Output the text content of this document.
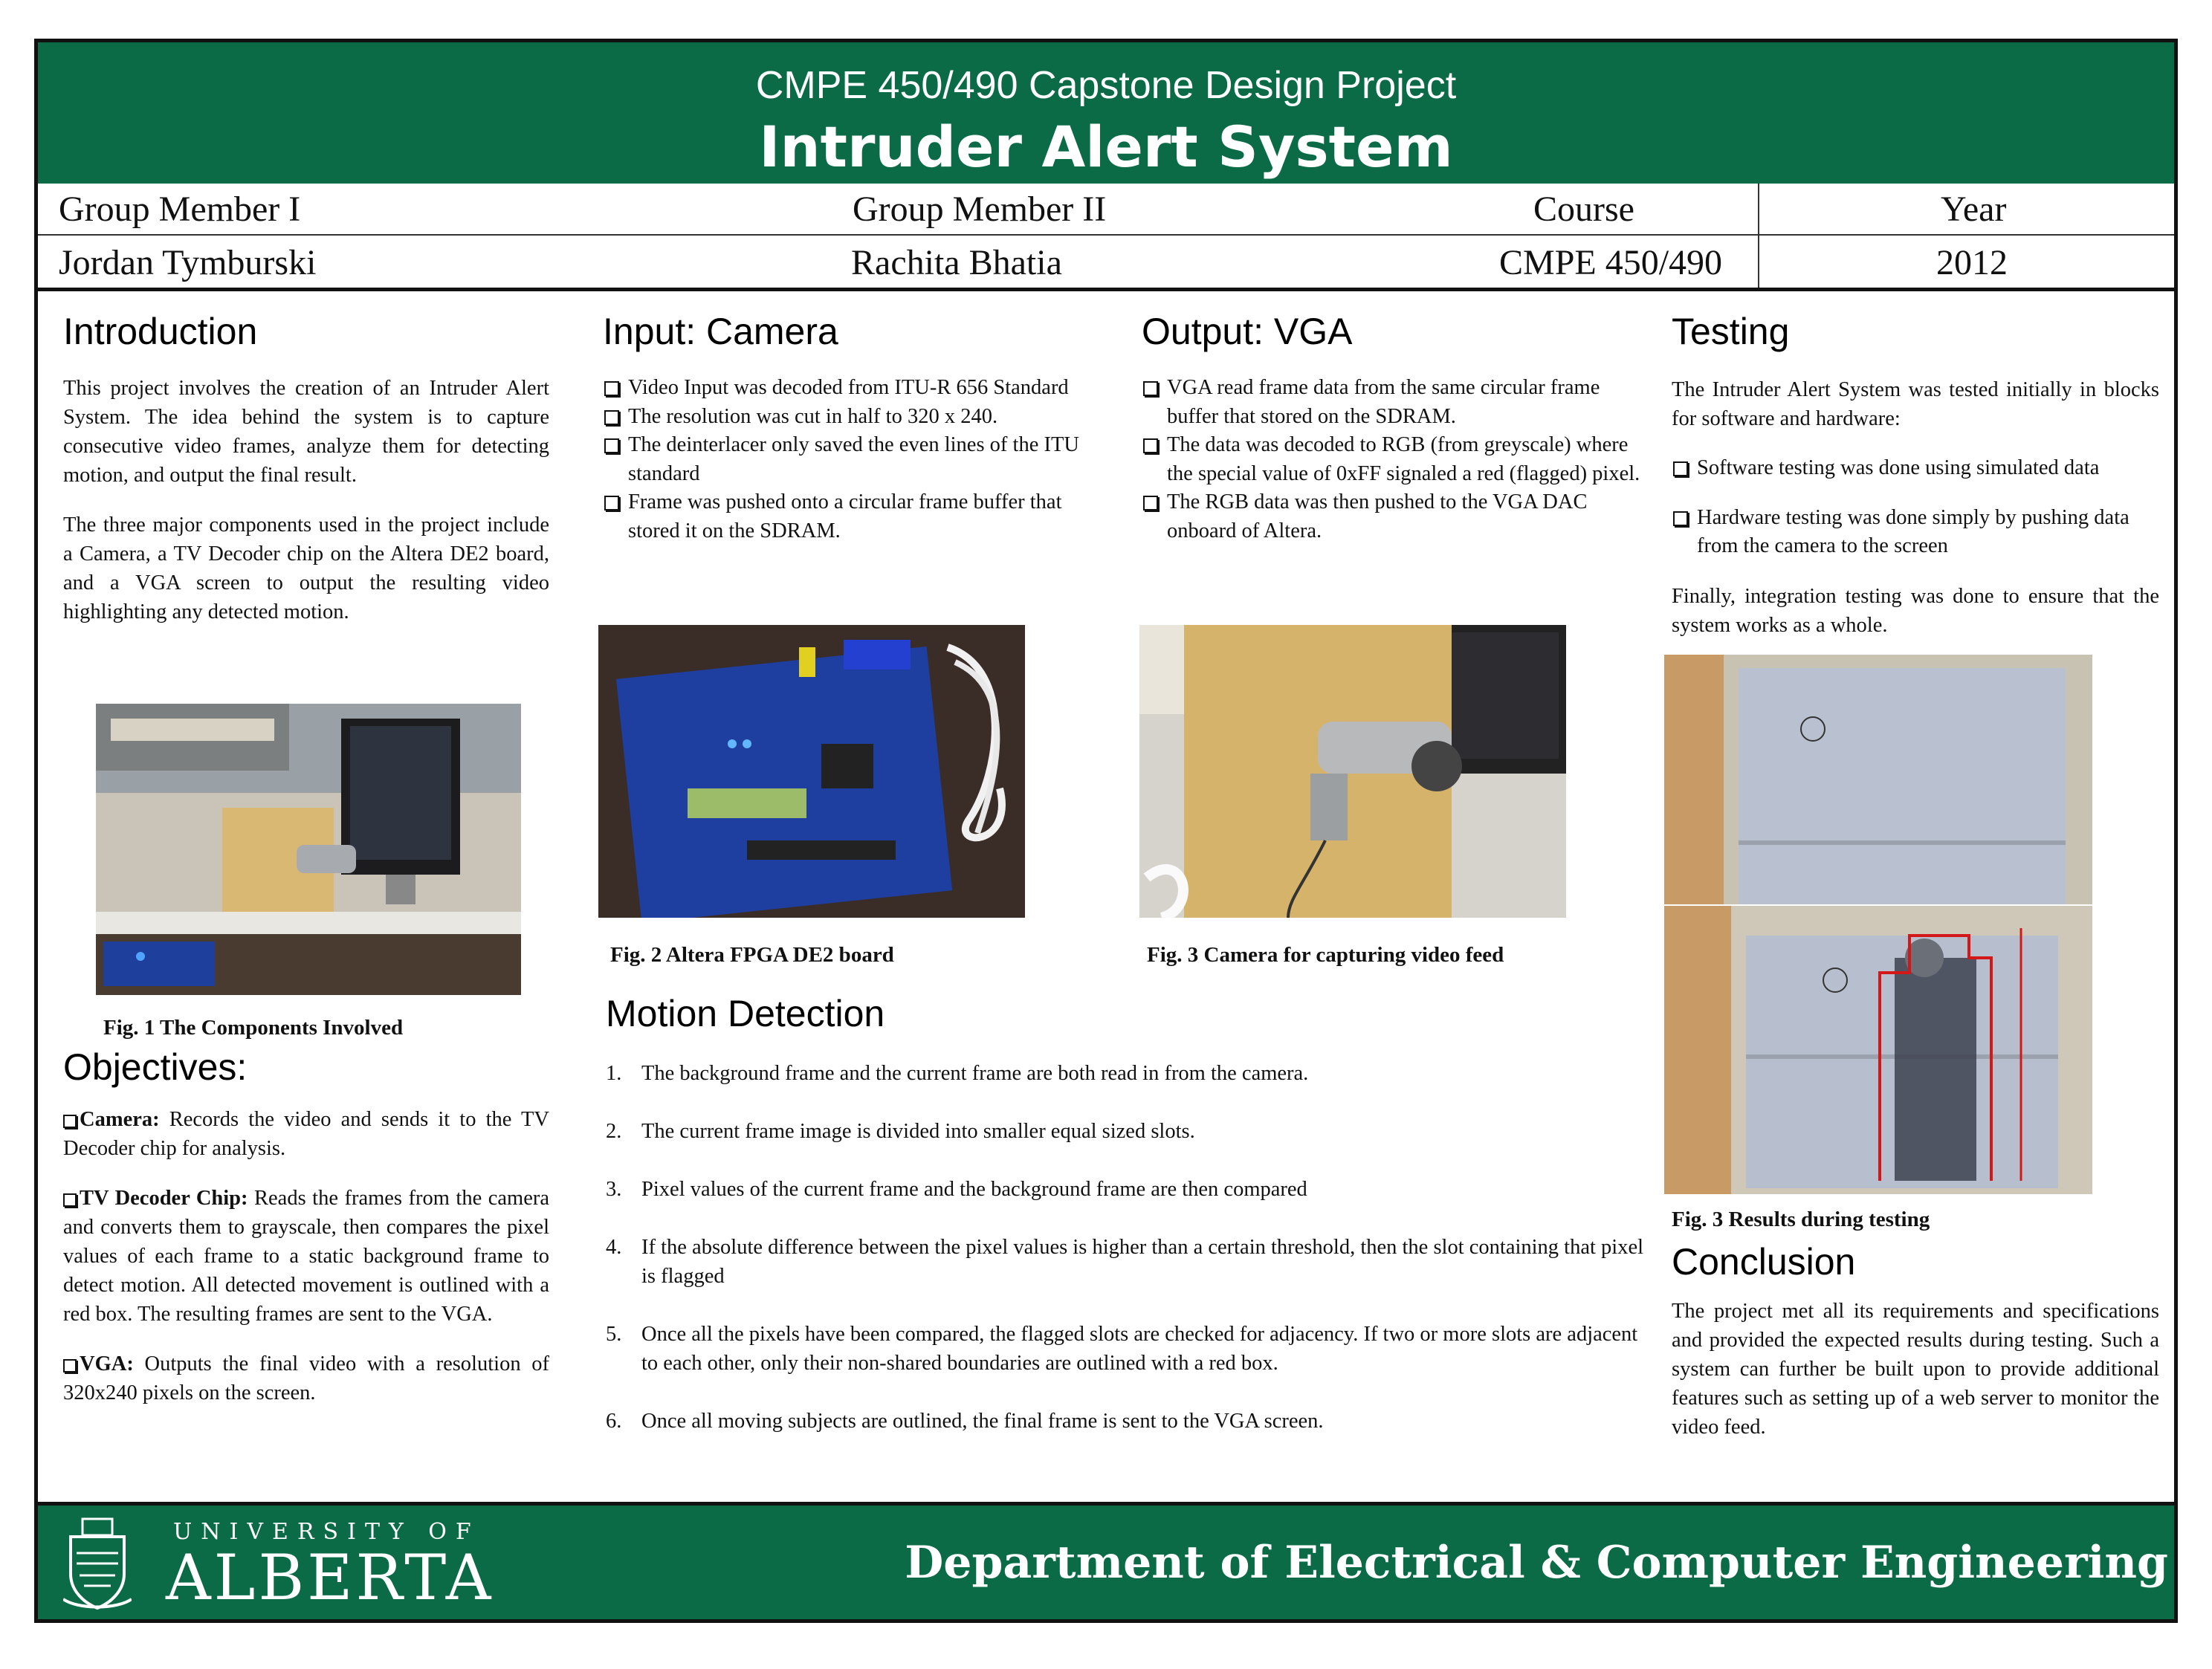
CMPE 450/490 Capstone Design Project
Intruder Alert System
Group Member I	Group Member II	Course	Year
Jordan Tymburski	Rachita Bhatia	CMPE 450/490	2012
Introduction

This project involves the creation of an Intruder Alert System. The idea behind the system is to capture consecutive video frames, analyze them for detecting motion, and output the final result.

The three major components used in the project include a Camera, a TV Decoder chip on the Altera DE2 board, and a VGA screen to output the resulting video highlighting any detected motion.

Fig. 1 The Components Involved
Objectives:

Camera: Records the video and sends it to the TV Decoder chip for analysis.

TV Decoder Chip: Reads the frames from the camera and converts them to grayscale, then compares the pixel values of each frame to a static background frame to detect motion. All detected movement is outlined with a red box. The resulting frames are sent to the VGA.

VGA: Outputs the final video with a resolution of 320x240 pixels on the screen.

Input: Camera
Video Input was decoded from ITU-R 656 Standard
The resolution was cut in half to 320 x 240.
The deinterlacer only saved the even lines of the ITU standard
Frame was pushed onto a circular frame buffer that stored it on the SDRAM.
Fig. 2 Altera FPGA DE2 board
Output: VGA
VGA read frame data from the same circular frame buffer that stored on the SDRAM.
The data was decoded to RGB (from greyscale) where the special value of 0xFF signaled a red (flagged) pixel.
The RGB data was then pushed to the VGA DAC onboard of Altera.
Fig. 3 Camera for capturing video feed
Motion Detection
1. The background frame and the current frame are both read in from the camera.
2. The current frame image is divided into smaller equal sized slots.
3. Pixel values of the current frame and the background frame are then compared
4. If the absolute difference between the pixel values is higher than a certain threshold, then the slot containing that pixel is flagged
5. Once all the pixels have been compared, the flagged slots are checked for adjacency. If two or more slots are adjacent to each other, only their non-shared boundaries are outlined with a red box.
6. Once all moving subjects are outlined, the final frame is sent to the VGA screen.
Testing

The Intruder Alert System was tested initially in blocks for software and hardware:

Software testing was done using simulated data
Hardware testing was done simply by pushing data from the camera to the screen

Finally, integration testing was done to ensure that the system works as a whole.

Fig. 3 Results during testing
Conclusion

The project met all its requirements and specifications and provided the expected results during testing. Such a system can further be built upon to provide additional features such as setting up of a web server to monitor the video feed.

UNIVERSITY OF
ALBERTA	Department of Electrical & Computer Engineering
